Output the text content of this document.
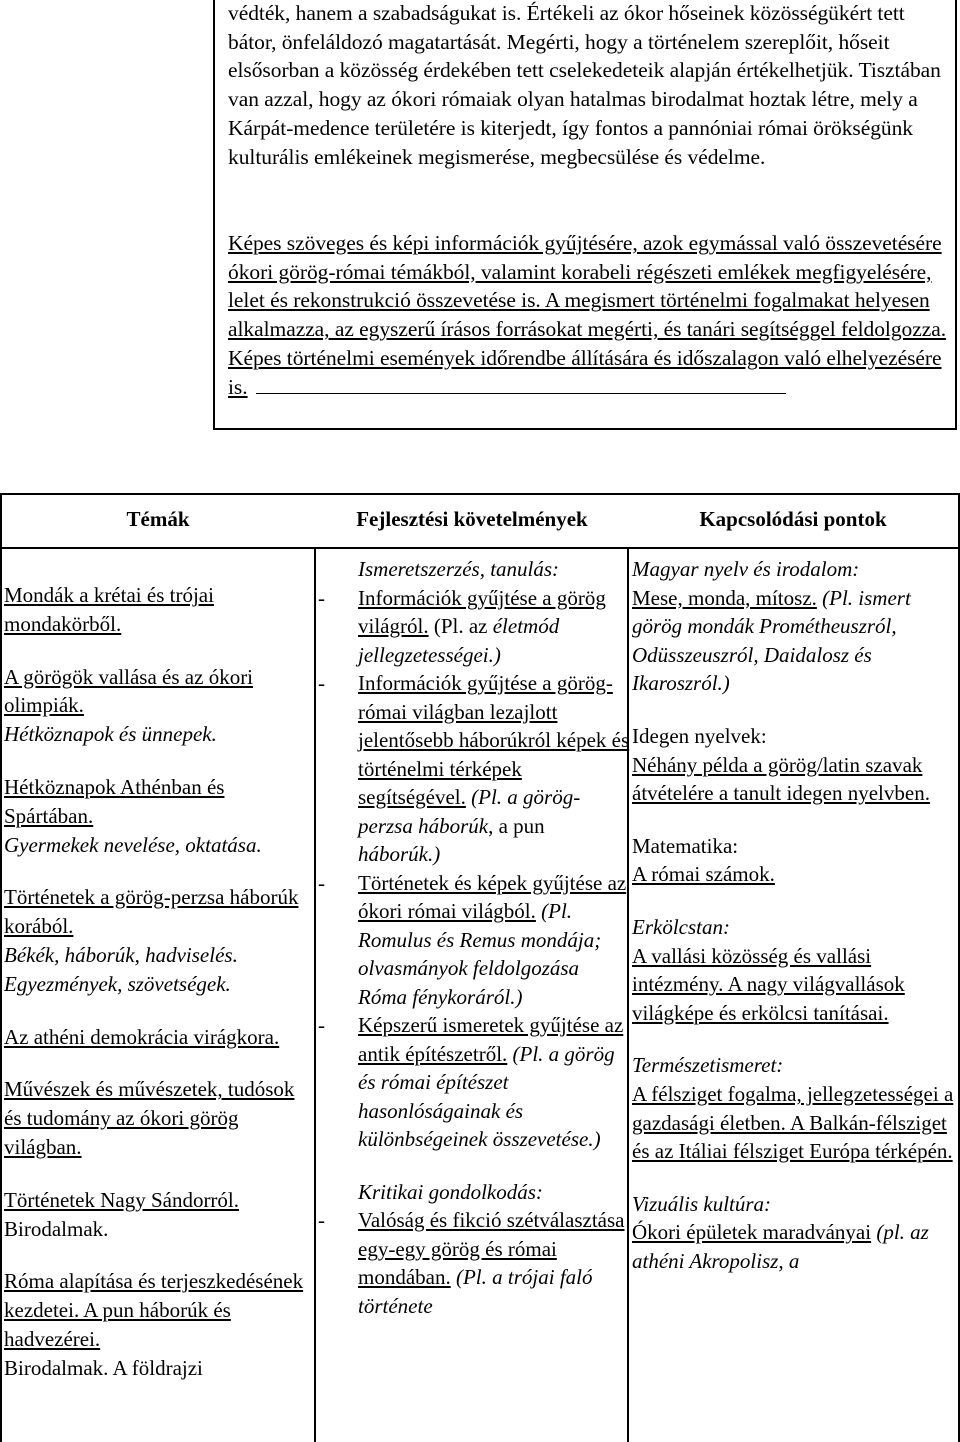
védték, hanem a szabadságukat is. Értékeli az ókor hőseinek közösségükért tett bátor, önfeláldozó magatartását. Megérti, hogy a történelem szereplőit, hőseit elsősorban a közösség érdekében tett cselekedeteik alapján értékelhetjük. Tisztában van azzal, hogy az ókori rómaiak olyan hatalmas birodalmat hoztak létre, mely a Kárpát-medence területére is kiterjedt, így fontos a pannóniai római örökségünk kulturális emlékeinek megismerése, megbecsülése és védelme.

Képes szöveges és képi információk gyűjtésére, azok egymással való összevetésére ókori görög-római témákból, valamint korabeli régészeti emlékek megfigyelésére, lelet és rekonstrukció összevetése is. A megismert történelmi fogalmakat helyesen alkalmazza, az egyszerű írásos forrásokat megérti, és tanári segítséggel feldolgozza. Képes történelmi események időrendbe állítására és időszalagon való elhelyezésére is.

Témák	Fejlesztési követelmények	Kapcsolódási pontok
Mondák a krétai és trójai mondakörből.
A görögök vallása és az ókori olimpiák.
Hétköznapok és ünnepek.
Hétköznapok Athénban és Spártában.
Gyermekek nevelése, oktatása.
Történetek a görög-perzsa háborúk korából.
Békék, háborúk, hadviselés. Egyezmények, szövetségek.
Az athéni demokrácia virágkora.
Művészek és művészetek, tudósok és tudomány az ókori görög világban.
Történetek Nagy Sándorról.
Birodalmak.
Róma alapítása és terjeszkedésének kezdetei. A pun háborúk és hadvezérei.
Birodalmak. A földrajzi
Ismeretszerzés, tanulás:
- Információk gyűjtése a görög világról. (Pl. az életmód jellegzetességei.)
- Információk gyűjtése a görög-római világban lezajlott jelentősebb háborúkról képek és történelmi térképek segítségével. (Pl. a görög-perzsa háborúk, a pun háborúk.)
- Történetek és képek gyűjtése az ókori római világból. (Pl. Romulus és Remus mondája; olvasmányok feldolgozása Róma fénykoráról.)
- Képszerű ismeretek gyűjtése az antik építészetről. (Pl. a görög és római építészet hasonlóságainak és különbségeinek összevetése.)
Kritikai gondolkodás:
- Valóság és fikció szétválasztása egy-egy görög és római mondában. (Pl. a trójai faló története
Magyar nyelv és irodalom:
Mese, monda, mítosz. (Pl. ismert görög mondák Prométheuszról, Odüsszeuszról, Daidalosz és Ikaroszról.)
Idegen nyelvek:
Néhány példa a görög/latin szavak átvételére a tanult idegen nyelvben.
Matematika:
A római számok.
Erkölcstan:
A vallási közösség és vallási intézmény. A nagy világvallások világképe és erkölcsi tanításai.
Természetismeret:
A félsziget fogalma, jellegzetességei a gazdasági életben. A Balkán-félsziget és az Itáliai félsziget Európa térképén.
Vizuális kultúra:
Ókori épületek maradványai (pl. az athéni Akropolisz, a
